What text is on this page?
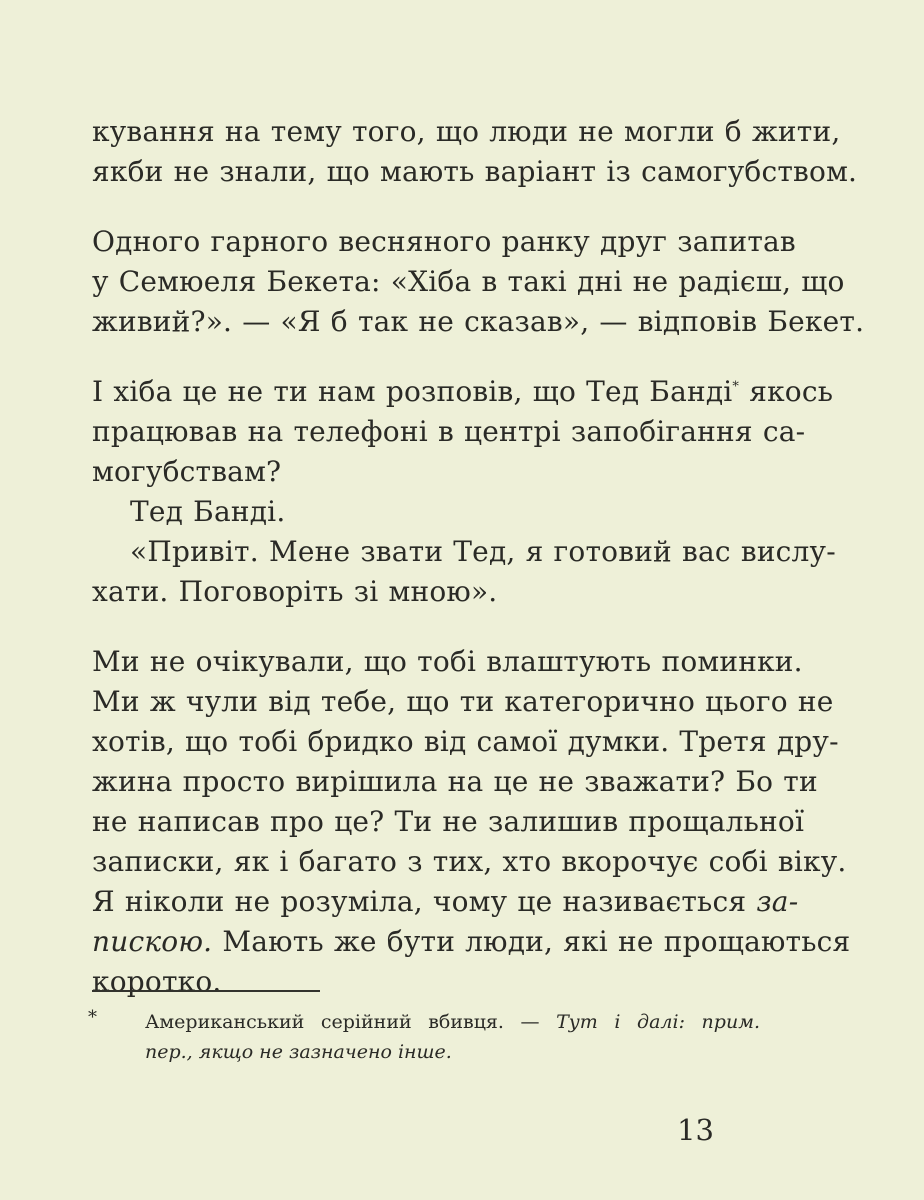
кування на тему того, що люди не могли б жити,
якби не знали, що мають варіант із самогубством.
Одного гарного весняного ранку друг запитав
у Семюеля Бекета: «Хіба в такі дні не радієш, що
живий?». — «Я б так не сказав», — відповів Бекет.
І хіба це не ти нам розповів, що Тед Банді* якось
працював на телефоні в центрі запобігання са-
могубствам?
Тед Банді.
«Привіт. Мене звати Тед, я готовий вас вислу-
хати. Поговоріть зі мною».
Ми не очікували, що тобі влаштують поминки.
Ми ж чули від тебе, що ти категорично цього не
хотів, що тобі бридко від самої думки. Третя дру-
жина просто вирішила на це не зважати? Бо ти
не написав про це? Ти не залишив прощальної
записки, як і багато з тих, хто вкорочує собі віку.
Я ніколи не розуміла, чому це називається за-
пискою. Мають же бути люди, які не прощаються
коротко.
*	Американський серійний вбивця. — Тут і далі: прим.
пер., якщо не зазначено інше.
13
